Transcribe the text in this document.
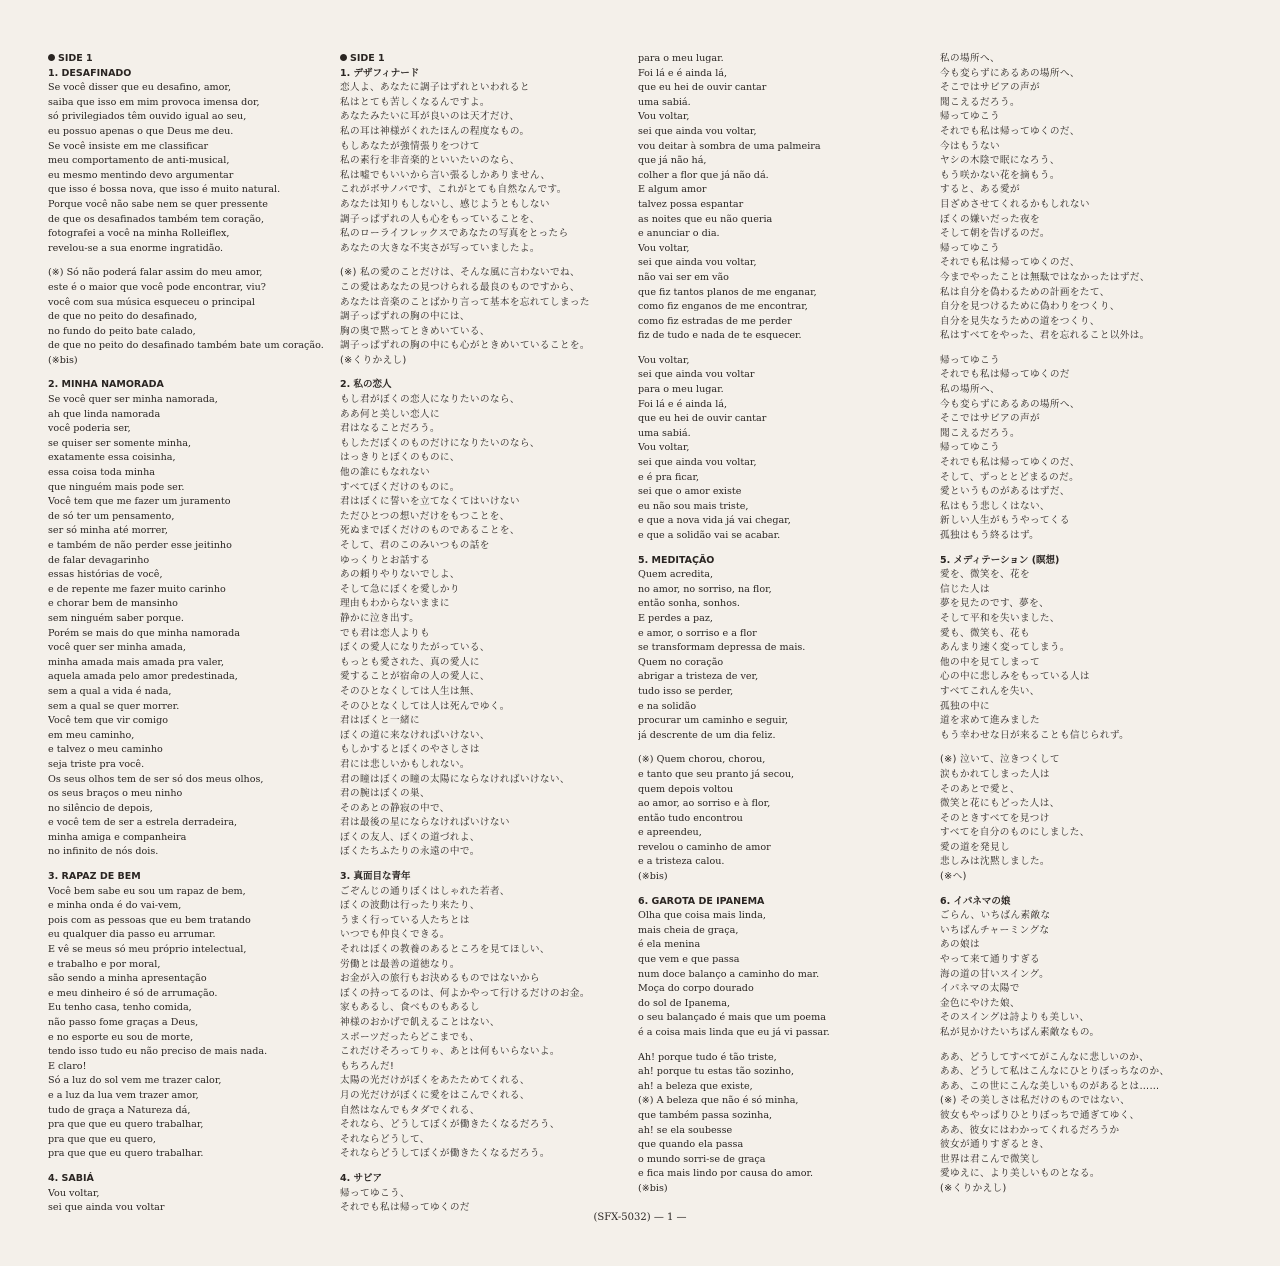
SIDE 1
1. DESAFINADO
Se você disser que eu desafino, amor,
saiba que isso em mim provoca imensa dor,
só privilegiados têm ouvido igual ao seu,
eu possuo apenas o que Deus me deu.
Se você insiste em me classificar
meu comportamento de anti-musical,
eu mesmo mentindo devo argumentar
que isso é bossa nova, que isso é muito natural.
Porque você não sabe nem se quer pressente
de que os desafinados também tem coração,
fotografei a você na minha Rolleiflex,
revelou-se a sua enorme ingratidão.
(※) Só não poderá falar assim do meu amor,
este é o maior que você pode encontrar, viu?
você com sua música esqueceu o principal
de que no peito do desafinado,
no fundo do peito bate calado,
de que no peito do desafinado também bate um coração.
(※bis)
2. MINHA NAMORADA
Se você quer ser minha namorada,
ah que linda namorada
você poderia ser,
se quiser ser somente minha,
exatamente essa coisinha,
essa coisa toda minha
que ninguém mais pode ser.
Você tem que me fazer um juramento
de só ter um pensamento,
ser só minha até morrer,
e também de não perder esse jeitinho
de falar devagarinho
essas histórias de você,
e de repente me fazer muito carinho
e chorar bem de mansinho
sem ninguém saber porque.
Porém se mais do que minha namorada
você quer ser minha amada,
minha amada mais amada pra valer,
aquela amada pelo amor predestinada,
sem a qual a vida é nada,
sem a qual se quer morrer.
Você tem que vir comigo
em meu caminho,
e talvez o meu caminho
seja triste pra você.
Os seus olhos tem de ser só dos meus olhos,
os seus braços o meu ninho
no silêncio de depois,
e você tem de ser a estrela derradeira,
minha amiga e companheira
no infinito de nós dois.
3. RAPAZ DE BEM
Você bem sabe eu sou um rapaz de bem,
e minha onda é do vai-vem,
pois com as pessoas que eu bem tratando
eu qualquer dia passo eu arrumar.
E vê se meus só meu próprio intelectual,
e trabalho e por moral,
são sendo a minha apresentação
e meu dinheiro é só de arrumação.
Eu tenho casa, tenho comida,
não passo fome graças a Deus,
e no esporte eu sou de morte,
tendo isso tudo eu não preciso de mais nada.
E claro!
Só a luz do sol vem me trazer calor,
e a luz da lua vem trazer amor,
tudo de graça a Natureza dá,
pra que que eu quero trabalhar,
pra que que eu quero,
pra que que eu quero trabalhar.
4. SABIÁ
Vou voltar,
sei que ainda vou voltar
SIDE 1
1. デザフィナード
恋人よ、あなたに調子はずれといわれると
私はとても苦しくなるんですよ。
あなたみたいに耳が良いのは天才だけ、
私の耳は神様がくれたほんの程度なもの。
もしあなたが強情張りをつけて
私の素行を非音楽的といいたいのなら、
私は嘘でもいいから言い張るしかありません、
これがボサノバです、これがとても自然なんです。
あなたは知りもしないし、感じようともしない
調子っぱずれの人も心をもっていることを、
私のローライフレックスであなたの写真をとったら
あなたの大きな不実さが写っていましたよ。
(※) 私の愛のことだけは、そんな風に言わないでね、
この愛はあなたの見つけられる最良のものですから、
あなたは音楽のことばかり言って基本を忘れてしまった
調子っぱずれの胸の中には、
胸の奥で黙ってときめいている、
調子っぱずれの胸の中にも心がときめいていることを。
(※くりかえし)
2. 私の恋人
もし君がぼくの恋人になりたいのなら、
ああ何と美しい恋人に
君はなることだろう。
もしただぼくのものだけになりたいのなら、
はっきりとぼくのものに、
他の誰にもなれない
すべてぼくだけのものに。
君はぼくに誓いを立てなくてはいけない
ただひとつの想いだけをもつことを、
死ぬまでぼくだけのものであることを、
そして、君のこのみいつもの話を
ゆっくりとお話する
あの頼りやりないでしよ、
そして急にぼくを愛しかり
理由もわからないままに
静かに泣き出す。
でも君は恋人よりも
ぼくの愛人になりたがっている、
もっとも愛された、真の愛人に
愛することが宿命の人の愛人に、
そのひとなくしては人生は無、
そのひとなくしては人は死んでゆく。
君はぼくと一緒に
ぼくの道に来なければいけない、
もしかするとぼくのやさしさは
君には悲しいかもしれない。
君の瞳はぼくの瞳の太陽にならなければいけない、
君の腕はぼくの巣、
そのあとの静寂の中で、
君は最後の星にならなければいけない
ぼくの友人、ぼくの道づれよ、
ぼくたちふたりの永遠の中で。
3. 真面目な青年
ごぞんじの通りぼくはしゃれた若者、
ぼくの波動は行ったり来たり、
うまく行っている人たちとは
いつでも仲良くできる。
それはぼくの教養のあるところを見てほしい、
労働とは最善の道徳なり。
お金が入の旅行もお決めるものではないから
ぼくの持ってるのは、何よかやって行けるだけのお金。
家もあるし、食べものもあるし
神様のおかげで飢えることはない、
スポーツだったらどこまでも、
これだけそろってりゃ、あとは何もいらないよ。
もちろんだ!
太陽の光だけがぼくをあたためてくれる、
月の光だけがぼくに愛をはこんでくれる、
自然はなんでもタダでくれる、
それなら、どうしてぼくが働きたくなるだろう、
それならどうして、
それならどうしてぼくが働きたくなるだろう。
4. サビア
帰ってゆこう、
それでも私は帰ってゆくのだ
para o meu lugar.
Foi lá e é ainda lá,
que eu hei de ouvir cantar
uma sabiá.
Vou voltar,
sei que ainda vou voltar,
vou deitar à sombra de uma palmeira
que já não há,
colher a flor que já não dá.
E algum amor
talvez possa espantar
as noites que eu não queria
e anunciar o dia.
Vou voltar,
sei que ainda vou voltar,
não vai ser em vão
que fiz tantos planos de me enganar,
como fiz enganos de me encontrar,
como fiz estradas de me perder
fiz de tudo e nada de te esquecer.
Vou voltar,
sei que ainda vou voltar
para o meu lugar.
Foi lá e é ainda lá,
que eu hei de ouvir cantar
uma sabiá.
Vou voltar,
sei que ainda vou voltar,
e é pra ficar,
sei que o amor existe
eu não sou mais triste,
e que a nova vida já vai chegar,
e que a solidão vai se acabar.
5. MEDITAÇÃO
Quem acredita,
no amor, no sorriso, na flor,
então sonha, sonhos.
E perdes a paz,
e amor, o sorriso e a flor
se transformam depressa de mais.
Quem no coração
abrigar a tristeza de ver,
tudo isso se perder,
e na solidão
procurar um caminho e seguir,
já descrente de um dia feliz.
(※) Quem chorou, chorou,
e tanto que seu pranto já secou,
quem depois voltou
ao amor, ao sorriso e à flor,
então tudo encontrou
e apreendeu,
revelou o caminho de amor
e a tristeza calou.
(※bis)
6. GAROTA DE IPANEMA
Olha que coisa mais linda,
mais cheia de graça,
é ela menina
que vem e que passa
num doce balanço a caminho do mar.
Moça do corpo dourado
do sol de Ipanema,
o seu balançado é mais que um poema
é a coisa mais linda que eu já vi passar.
Ah! porque tudo é tão triste,
ah! porque tu estas tão sozinho,
ah! a beleza que existe,
(※) A beleza que não é só minha,
que também passa sozinha,
ah! se ela soubesse
que quando ela passa
o mundo sorri-se de graça
e fica mais lindo por causa do amor.
(※bis)
私の場所へ、
今も変らずにあるあの場所へ、
そこではサビアの声が
聞こえるだろう。
帰ってゆこう
それでも私は帰ってゆくのだ、
今はもうない
ヤシの木陰で眠になろう、
もう咲かない花を摘もう。
すると、ある愛が
目ざめさせてくれるかもしれない
ぼくの嫌いだった夜を
そして朝を告げるのだ。
帰ってゆこう
それでも私は帰ってゆくのだ、
今までやったことは無駄ではなかったはずだ、
私は自分を偽わるための計画をたて、
自分を見つけるために偽わりをつくり、
自分を見失なうための道をつくり、
私はすべてをやった、君を忘れること以外は。
帰ってゆこう
それでも私は帰ってゆくのだ
私の場所へ、
今も変らずにあるあの場所へ、
そこではサビアの声が
聞こえるだろう。
帰ってゆこう
それでも私は帰ってゆくのだ、
そして、ずっととどまるのだ。
愛というものがあるはずだ、
私はもう悲しくはない、
新しい人生がもうやってくる
孤独はもう終るはず。
5. メディテーション (瞑想)
愛を、微笑を、花を
信じた人は
夢を見たのです、夢を、
そして平和を失いました、
愛も、微笑も、花も
あんまり速く変ってしまう。
他の中を見てしまって
心の中に悲しみをもっている人は
すべてこれんを失い、
孤独の中に
道を求めて進みました
もう幸わせな日が来ることも信じられず。
(※) 泣いて、泣きつくして
涙もかれてしまった人は
そのあとで愛と、
微笑と花にもどった人は、
そのときすべてを見つけ
すべてを自分のものにしました、
愛の道を発見し
悲しみは沈黙しました。
(※ヘ)
6. イパネマの娘
ごらん、いちばん素敵な
いちばんチャーミングな
あの娘は
やって来て通りすぎる
海の道の甘いスイング。
イパネマの太陽で
金色にやけた娘、
そのスイングは詩よりも美しい、
私が見かけたいちばん素敵なもの。
ああ、どうしてすべてがこんなに悲しいのか、
ああ、どうして私はこんなにひとりぼっちなのか、
ああ、この世にこんな美しいものがあるとは……
(※) その美しさは私だけのものではない、
彼女もやっぱりひとりぼっちで通ぎてゆく、
ああ、彼女にはわかってくれるだろうか
彼女が通りすぎるとき、
世界は君こんで微笑し
愛ゆえに、より美しいものとなる。
(※くりかえし)
(SFX-5032) — 1 —
